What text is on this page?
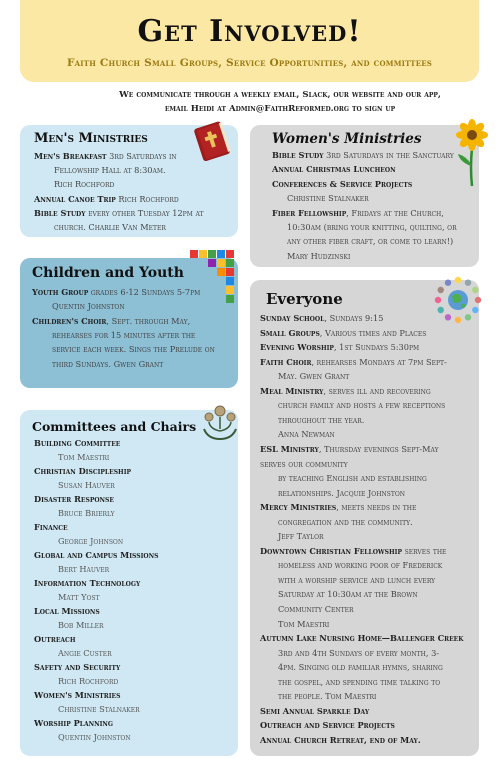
Get Involved!
Faith Church Small Groups, Service Opportunities, and committees
We communicate through a weekly email, Slack, our website and our app,
email Heidi at Admin@FaithReformed.org to sign up
Men's Ministries
Men's Breakfast 3rd Saturdays in
Fellowship Hall at 8:30am.
Rich Rochford
Annual Canoe Trip Rich Rochford
Bible Study every other Tuesday 12pm at
church. Charlie Van Meter
Women's Ministries
Bible Study 3rd Saturdays in the Sanctuary
Annual Christmas Luncheon
Conferences & Service Projects
Christine Stalnaker
Fiber Fellowship, Fridays at the Church,
10:30am (bring your knitting, quilting, or
any other fiber craft, or come to learn!)
Mary Hudzinski
Children and Youth
Youth Group grades 6-12 Sundays 5-7pm
Quentin Johnston
Children's Choir, Sept. through May,
rehearses for 15 minutes after the
service each week. Sings the Prelude on
third Sundays. Gwen Grant
Everyone
Sunday School, Sundays 9:15
Small Groups, Various times and Places
Evening Worship, 1st Sundays 5:30pm
Faith Choir, rehearses Mondays at 7pm Sept-
May. Gwen Grant
Meal Ministry, serves ill and recovering
church family and hosts a few receptions
throughout the year.
Anna Newman
ESL Ministry, Thursday evenings Sept-May
serves our community
by teaching English and establishing
relationships. Jacquie Johnston
Mercy Ministries, meets needs in the
congregation and the community.
Jeff Taylor
Downtown Christian Fellowship serves the
homeless and working poor of Frederick
with a worship service and lunch every
Saturday at 10:30am at the Brown
Community Center
Tom Maestri
Autumn Lake Nursing Home—Ballenger Creek
3rd and 4th Sundays of every month, 3-
4pm. Singing old familiar hymns, sharing
the gospel, and spending time talking to
the people. Tom Maestri
Semi Annual Sparkle Day
Outreach and Service Projects
Annual Church Retreat, end of May.
Committees and Chairs
Building Committee
Tom Maestri
Christian Discipleship
Susan Hauver
Disaster Response
Bruce Brierly
Finance
George Johnson
Global and Campus Missions
Bert Hauver
Information Technology
Matt Yost
Local Missions
Bob Miller
Outreach
Angie Custer
Safety and Security
Rich Rochford
Women's Ministries
Christine Stalnaker
Worship Planning
Quentin Johnston
